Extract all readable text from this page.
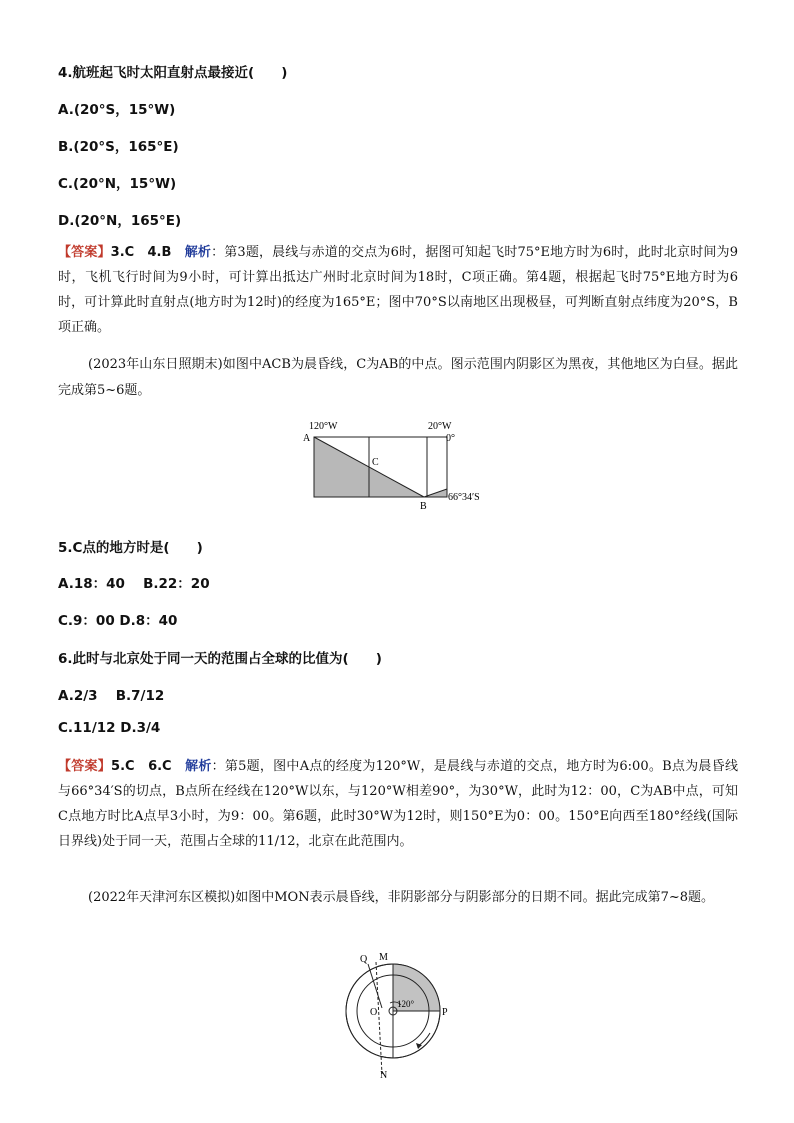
4.航班起飞时太阳直射点最接近(　　)
A.(20°S，15°W)
B.(20°S，165°E)
C.(20°N，15°W)
D.(20°N，165°E)

【答案】3.C　4.B　 解析：第3题，晨线与赤道的交点为6时，据图可知起飞时75°E地方时为6时，此时北京时间为9时，飞机飞行时间为9小时，可计算出抵达广州时北京时间为18时，C项正确。第4题，根据起飞时75°E地方时为6时，可计算此时直射点(地方时为12时)的经度为165°E；图中70°S以南地区出现极昼，可判断直射点纬度为20°S，B项正确。

(2023年山东日照期末)如图中ACB为晨昏线，C为AB的中点。图示范围内阴影区为黑夜，其他地区为白昼。据此完成第5~6题。
120°W	20°W
0°
A
C
B
66°34′S
5.C点的地方时是(　　)
A.18：40　 B.22：20
C.9：00 D.8：40
6.此时与北京处于同一天的范围占全球的比值为(　　)
A.2/3　 B.7/12
C.11/12 D.3/4

【答案】5.C　6.C　 解析：第5题，图中A点的经度为120°W，是晨线与赤道的交点，地方时为6:00。B点为晨昏线与66°34′S的切点，B点所在经线在120°W以东，与120°W相差90°，为30°W，此时为12：00，C为AB中点，可知C点地方时比A点早3小时，为9：00。第6题，此时30°W为12时，则150°E为0：00。150°E向西至180°经线(国际日界线)处于同一天，范围占全球的11/12，北京在此范围内。

(2022年天津河东区模拟)如图中MON表示晨昏线，非阴影部分与阴影部分的日期不同。据此完成第7~8题。
Q M
O	P
N
120°
